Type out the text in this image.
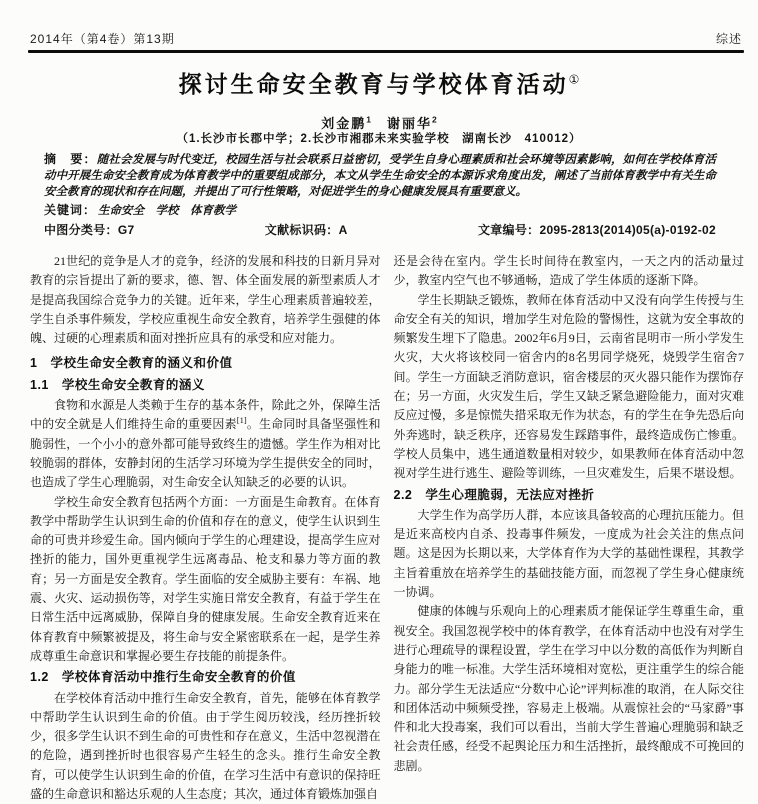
2014年（第4卷）第13期	综述
探讨生命安全教育与学校体育活动①
刘金鹏$^1$ 谢丽华$^2$
（1.长沙市长郡中学；2.长沙市湘郡未来实验学校　湖南长沙　410012）
摘　要：随社会发展与时代变迁，校园生活与社会联系日益密切，受学生自身心理素质和社会环境等因素影响，如何在学校体育活动中开展生命安全教育成为体育教学中的重要组成部分，本文从学生生命安全的本源诉求角度出发，阐述了当前体育教学中有关生命安全教育的现状和存在问题，并提出了可行性策略，对促进学生的身心健康发展具有重要意义。
关键词： 生命安全　学校　体育教学
中图分类号：G7	文献标识码：A	文章编号：2095-2813(2014)05(a)-0192-02

21世纪的竞争是人才的竞争，经济的发展和科技的日新月异对教育的宗旨提出了新的要求，德、智、体全面发展的新型素质人才是提高我国综合竞争力的关键。近年来，学生心理素质普遍较差，学生自杀事件频发，学校应重视生命安全教育，培养学生强健的体魄、过硬的心理素质和面对挫折应具有的承受和应对能力。

1　学校生命安全教育的涵义和价值
1.1　学校生命安全教育的涵义

食物和水源是人类赖于生存的基本条件，除此之外，保障生活中的安全就是人们维持生命的重要因素[1]。生命同时具备坚强性和脆弱性，一个小小的意外都可能导致终生的遗憾。学生作为相对比较脆弱的群体，安静封闭的生活学习环境为学生提供安全的同时，也造成了学生心理脆弱，对生命安全认知缺乏的必要的认识。

学校生命安全教育包括两个方面：一方面是生命教育。在体育教学中帮助学生认识到生命的价值和存在的意义，使学生认识到生命的可贵并珍爱生命。国内倾向于学生的心理建设，提高学生应对挫折的能力，国外更重视学生远离毒品、枪支和暴力等方面的教育；另一方面是安全教育。学生面临的安全威胁主要有：车祸、地震、火灾、运动损伤等，对学生实施日常安全教育，有益于学生在日常生活中远离威胁，保障自身的健康发展。生命安全教育近来在体育教育中频繁被提及，将生命与安全紧密联系在一起，是学生养成尊重生命意识和掌握必要生存技能的前提条件。

1.2　学校体育活动中推行生命安全教育的价值

在学校体育活动中推行生命安全教育，首先，能够在体育教学中帮助学生认识到生命的价值。由于学生阅历较浅，经历挫折较少，很多学生认识不到生命的可贵性和存在意义，生活中忽视潜在的危险，遇到挫折时也很容易产生轻生的念头。推行生命安全教育，可以使学生认识到生命的价值，在学习生活中有意识的保持旺盛的生命意识和豁达乐观的人生态度；其次，通过体育锻炼加强自

还是会待在室内。学生长时间待在教室内，一天之内的活动量过少，教室内空气也不够通畅，造成了学生体质的逐渐下降。

学生长期缺乏锻炼，教师在体育活动中又没有向学生传授与生命安全有关的知识，增加学生对危险的警惕性，这就为安全事故的频繁发生埋下了隐患。2002年6月9日，云南省昆明市一所小学发生火灾，大火将该校同一宿舍内的8名男同学烧死，烧毁学生宿舍7间。学生一方面缺乏消防意识，宿舍楼层的灭火器只能作为摆饰存在；另一方面，火灾发生后，学生又缺乏紧急避险能力，面对灾难反应过慢，多是惊慌失措采取无作为状态，有的学生在争先恐后向外奔逃时，缺乏秩序，还容易发生踩踏事件，最终造成伤亡惨重。学校人员集中，逃生通道数量相对较少，如果教师在体育活动中忽视对学生进行逃生、避险等训练，一旦灾难发生，后果不堪设想。

2.2　学生心理脆弱，无法应对挫折

大学生作为高学历人群，本应该具备较高的心理抗压能力。但是近来高校内自杀、投毒事件频发，一度成为社会关注的焦点问题。这是因为长期以来，大学体育作为大学的基础性课程，其教学主旨着重放在培养学生的基础技能方面，而忽视了学生身心健康统一协调。

健康的体魄与乐观向上的心理素质才能保证学生尊重生命，重视安全。我国忽视学校中的体育教学，在体育活动中也没有对学生进行心理疏导的课程设置，学生在学习中以分数的高低作为判断自身能力的唯一标准。大学生活环境相对宽松，更注重学生的综合能力。部分学生无法适应“分数中心论”评判标准的取消，在人际交往和团体活动中频频受挫，容易走上极端。从震惊社会的“马家爵”事件和北大投毒案，我们可以看出，当前大学生普遍心理脆弱和缺乏社会责任感，经受不起舆论压力和生活挫折，最终酿成不可挽回的悲剧。
